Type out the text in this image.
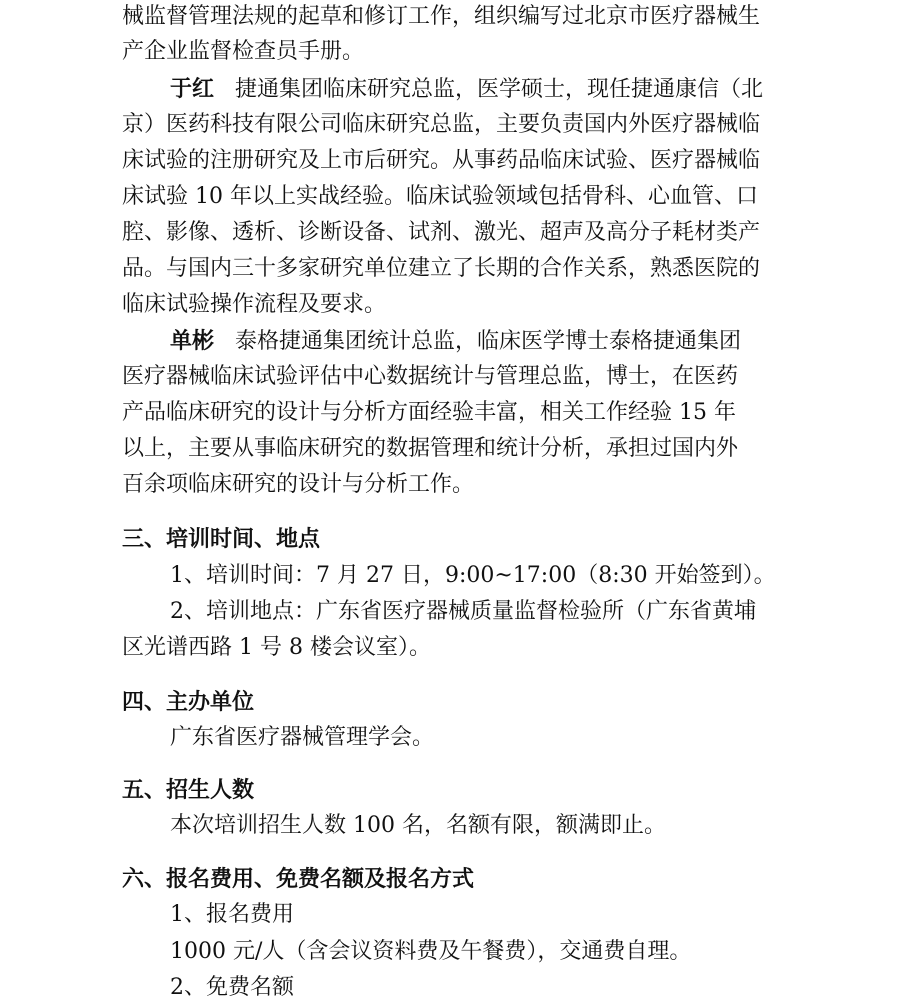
械监督管理法规的起草和修订工作，组织编写过北京市医疗器械生

产企业监督检查员手册。

于红 捷通集团临床研究总监，医学硕士，现任捷通康信（北

京）医药科技有限公司临床研究总监，主要负责国内外医疗器械临

床试验的注册研究及上市后研究。从事药品临床试验、医疗器械临

床试验 10 年以上实战经验。临床试验领域包括骨科、心血管、口

腔、影像、透析、诊断设备、试剂、激光、超声及高分子耗材类产

品。与国内三十多家研究单位建立了长期的合作关系，熟悉医院的

临床试验操作流程及要求。

单彬 泰格捷通集团统计总监，临床医学博士泰格捷通集团

医疗器械临床试验评估中心数据统计与管理总监，博士，在医药

产品临床研究的设计与分析方面经验丰富，相关工作经验 15 年

以上，主要从事临床研究的数据管理和统计分析，承担过国内外

百余项临床研究的设计与分析工作。

三、培训时间、地点

1、培训时间：7 月 27 日，9:00~17:00（8:30 开始签到）。

2、培训地点：广东省医疗器械质量监督检验所（广东省黄埔

区光谱西路 1 号 8 楼会议室）。

四、主办单位

广东省医疗器械管理学会。

五、招生人数

本次培训招生人数 100 名，名额有限，额满即止。

六、报名费用、免费名额及报名方式

1、报名费用

1000 元/人（含会议资料费及午餐费），交通费自理。

2、免费名额
